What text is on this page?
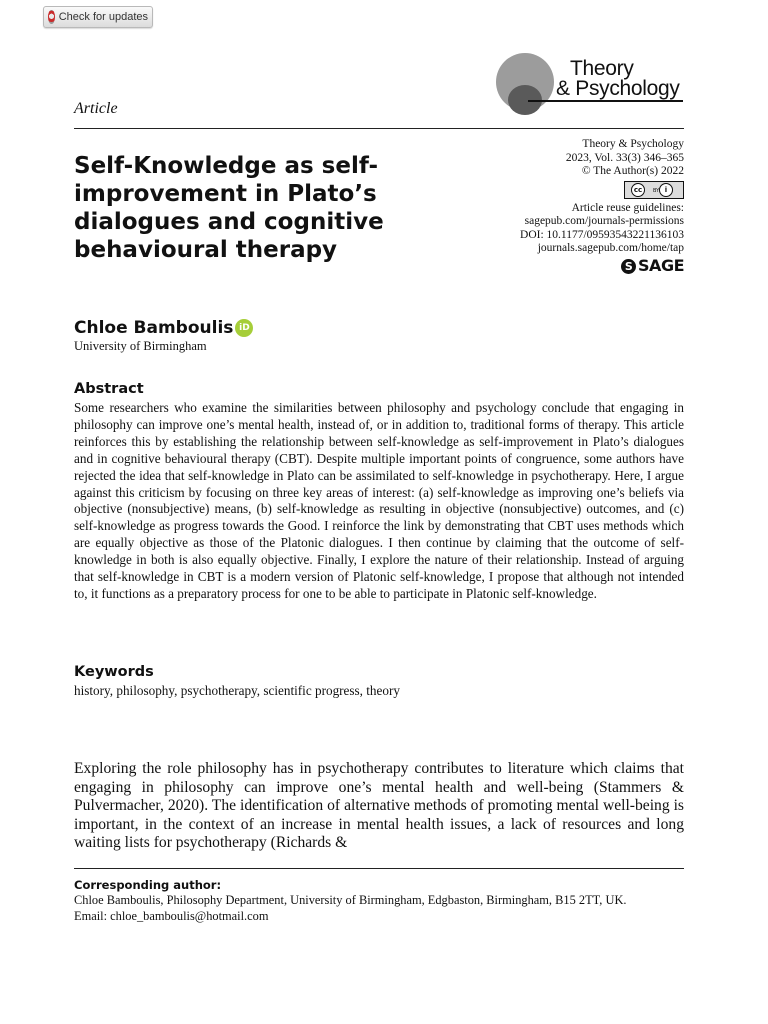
Check for updates
Theory
& Psychology
Article
Self-Knowledge as self-improvement in Plato’s dialogues and cognitive behavioural therapy
Theory & Psychology
2023, Vol. 33(3) 346–365
© The Author(s) 2022
cc	BY i
Article reuse guidelines:
sagepub.com/journals-permissions
DOI: 10.1177/09593543221136103
journals.sagepub.com/home/tap
S SAGE
Chloe Bamboulis iD
University of Birmingham
Abstract

Some researchers who examine the similarities between philosophy and psychology conclude that engaging in philosophy can improve one’s mental health, instead of, or in addition to, traditional forms of therapy. This article reinforces this by establishing the relationship between self-knowledge as self-improvement in Plato’s dialogues and in cognitive behavioural therapy (CBT). Despite multiple important points of congruence, some authors have rejected the idea that self-knowledge in Plato can be assimilated to self-knowledge in psychotherapy. Here, I argue against this criticism by focusing on three key areas of interest: (a) self-knowledge as improving one’s beliefs via objective (nonsubjective) means, (b) self-knowledge as resulting in objective (nonsubjective) outcomes, and (c) self-knowledge as progress towards the Good. I reinforce the link by demonstrating that CBT uses methods which are equally objective as those of the Platonic dialogues. I then continue by claiming that the outcome of self-knowledge in both is also equally objective. Finally, I explore the nature of their relationship. Instead of arguing that self-knowledge in CBT is a modern version of Platonic self-knowledge, I propose that although not intended to, it functions as a preparatory process for one to be able to participate in Platonic self-knowledge.

Keywords
history, philosophy, psychotherapy, scientific progress, theory

Exploring the role philosophy has in psychotherapy contributes to literature which claims that engaging in philosophy can improve one’s mental health and well-being (Stammers & Pulvermacher, 2020). The identification of alternative methods of promoting mental well-being is important, in the context of an increase in mental health issues, a lack of resources and long waiting lists for psychotherapy (Richards &

Corresponding author:
Chloe Bamboulis, Philosophy Department, University of Birmingham, Edgbaston, Birmingham, B15 2TT, UK.
Email: chloe_bamboulis@hotmail.com
